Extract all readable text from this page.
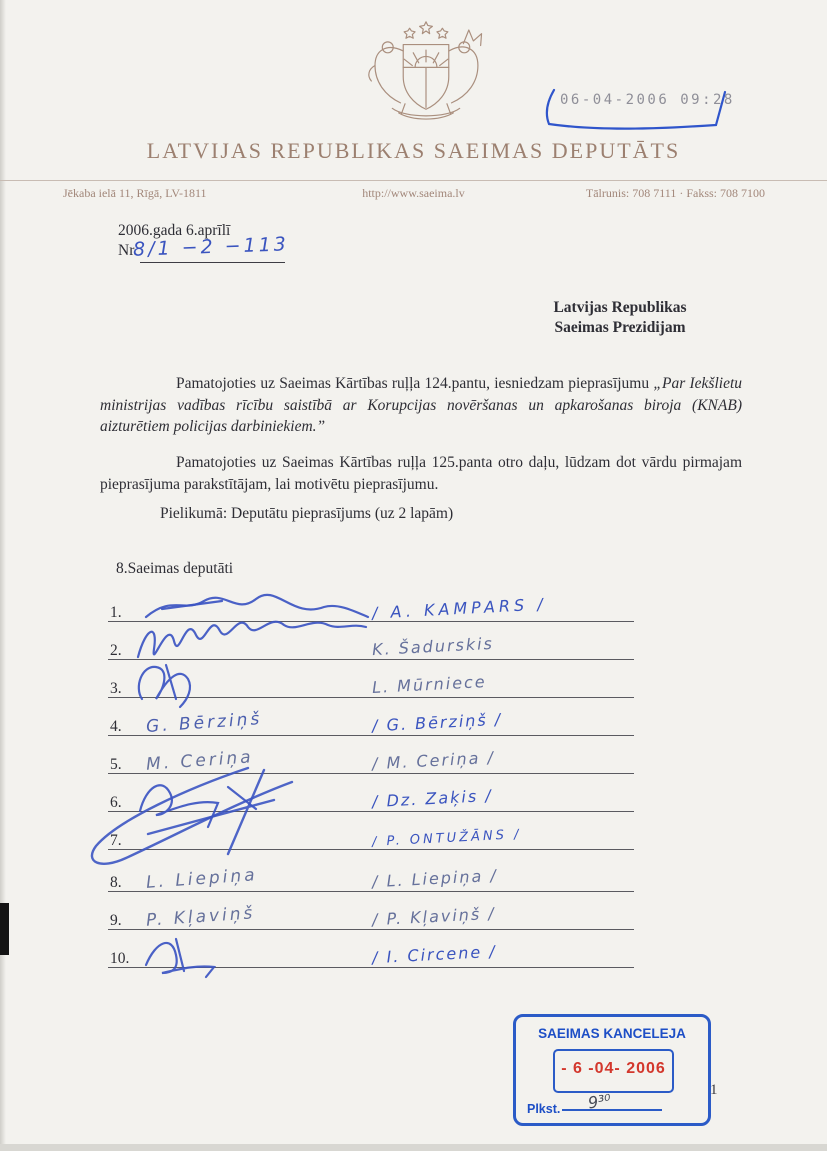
06-04-2006 09:28
LATVIJAS REPUBLIKAS SAEIMAS DEPUTĀTS
http://www.saeima.lv
Jēkaba ielā 11, Rīgā, LV-1811	Tālrunis: 708 7111 · Fakss: 708 7100
2006.gada 6.aprīlī
Nr.
8/1 −2 −113
Latvijas Republikas
Saeimas Prezidijam

Pamatojoties uz Saeimas Kārtības ruļļa 124.pantu, iesniedzam pieprasījumu „Par Iekšlietu ministrijas vadības rīcību saistībā ar Korupcijas novēršanas un apkarošanas biroja (KNAB) aizturētiem policijas darbiniekiem.”

Pamatojoties uz Saeimas Kārtības ruļļa 125.panta otro daļu, lūdzam dot vārdu pirmajam pieprasījuma parakstītājam, lai motivētu pieprasījumu.

Pielikumā: Deputātu pieprasījums (uz 2 lapām)

8.Saeimas deputāti
1.	/ A. KAMPARS /
2.	K. Šadurskis
3.	L. Mūrniece
4. G. Bērziņš	/ G. Bērziņš /
5. M. Ceriņa	/ M. Ceriņa /
6.	/ Dz. Zaķis /
7.	/ P. ONTUŽĀNS /
8. L. Liepiņa	/ L. Liepiņa /
9. P. Kļaviņš	/ P. Kļaviņš /
10.	/ I. Circene /
SAEIMAS KANCELEJA
- 6 -04- 2006
Plkst. 9³⁰
1
